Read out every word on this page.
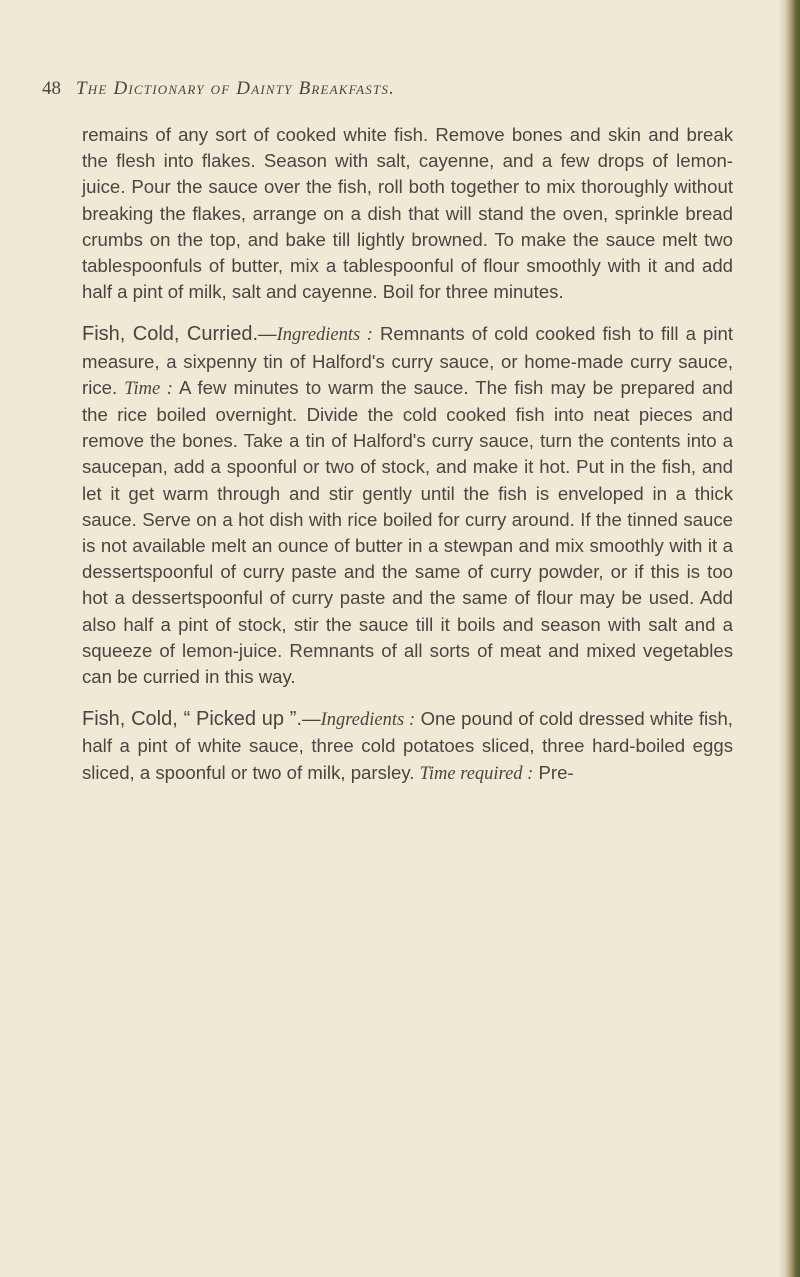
48 The Dictionary of Dainty Breakfasts.

remains of any sort of cooked white fish. Remove bones and skin and break the flesh into flakes. Season with salt, cayenne, and a few drops of lemon-juice. Pour the sauce over the fish, roll both together to mix thoroughly without breaking the flakes, arrange on a dish that will stand the oven, sprinkle bread crumbs on the top, and bake till lightly browned. To make the sauce melt two tablespoonfuls of butter, mix a tablespoonful of flour smoothly with it and add half a pint of milk, salt and cayenne. Boil for three minutes.

Fish, Cold, Curried.—Ingredients : Remnants of cold cooked fish to fill a pint measure, a sixpenny tin of Halford's curry sauce, or home-made curry sauce, rice. Time : A few minutes to warm the sauce. The fish may be prepared and the rice boiled overnight. Divide the cold cooked fish into neat pieces and remove the bones. Take a tin of Halford's curry sauce, turn the contents into a saucepan, add a spoonful or two of stock, and make it hot. Put in the fish, and let it get warm through and stir gently until the fish is enveloped in a thick sauce. Serve on a hot dish with rice boiled for curry around. If the tinned sauce is not available melt an ounce of butter in a stewpan and mix smoothly with it a dessertspoonful of curry paste and the same of curry powder, or if this is too hot a dessertspoonful of curry paste and the same of flour may be used. Add also half a pint of stock, stir the sauce till it boils and season with salt and a squeeze of lemon-juice. Remnants of all sorts of meat and mixed vegetables can be curried in this way.

Fish, Cold, “ Picked up ”.—Ingredients : One pound of cold dressed white fish, half a pint of white sauce, three cold potatoes sliced, three hard-boiled eggs sliced, a spoonful or two of milk, parsley. Time required : Pre-
